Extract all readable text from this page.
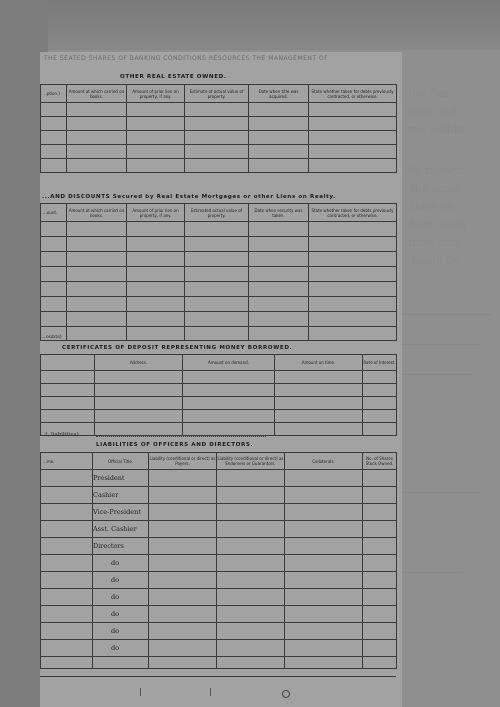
THE SEATED SHARES OF BANKING CONDITIONS RESOURCES THE MANAGEMENT OF
the Cur-
bank and
ere, within
We reports
the same
their au-
from such
trust com-
made by
OTHER REAL ESTATE OWNED.
...ption.)	Amount at which carried on books.	Amount of prior lien on property, if any.	Estimate of actual value of property.	Date when title was acquired.	State whether taken for debts previously contracted, or otherwise.

...AND DISCOUNTS Secured by Real Estate Mortgages or other Liens on Realty.
...ount.	Amount at which carried on books.	Amount of prior lien on property, if any.	Estimated actual value of property.	Date when security was taken.	State whether taken for debts previously contracted, or otherwise.

...ounts)	

CERTIFICATES OF DEPOSIT REPRESENTING MONEY BORROWED.
	Address.	Amount on demand.	Amount on time.	Rate of Interest.

...t, liabilities)
LIABILITIES OF OFFICERS AND DIRECTORS.
...me.	Official Title.	Liability (conditional or direct) as Payers.	Liability (conditional or direct) as Endorsers or Guarantors.	Collaterals.	No. of Shares Stock Owned.
	President	

	Cashier	

	Vice-President	

	Asst. Cashier	

	Directors	

	do	

	do	

	do	

	do	

	do	

	do	
